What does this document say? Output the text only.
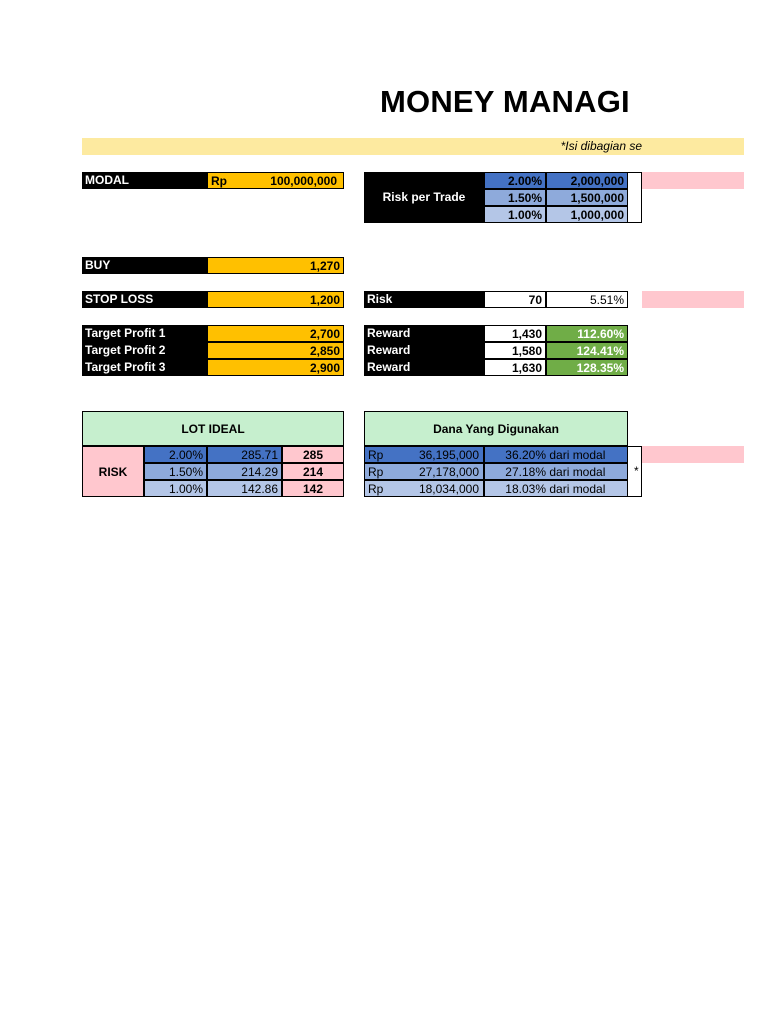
MONEY MANAGI
*Isi dibagian se
MODAL	Rp	100,000,000
Risk per Trade
2.00%	2,000,000
1.50%	1,500,000
1.00%	1,000,000
BUY	1,270
STOP LOSS	1,200	Risk	70	5.51%
Target Profit 1	2,700	Reward	1,430	112.60%
Target Profit 2	2,850	Reward	1,580	124.41%
Target Profit 3	2,900	Reward	1,630	128.35%
LOT IDEAL
RISK
2.00%	285.71	285
1.50%	214.29	214
1.00%	142.86	142
Dana Yang Digunakan
Rp	36,195,000	36.20% dari modal
Rp	27,178,000	27.18% dari modal
Rp	18,034,000	18.03% dari modal
*
